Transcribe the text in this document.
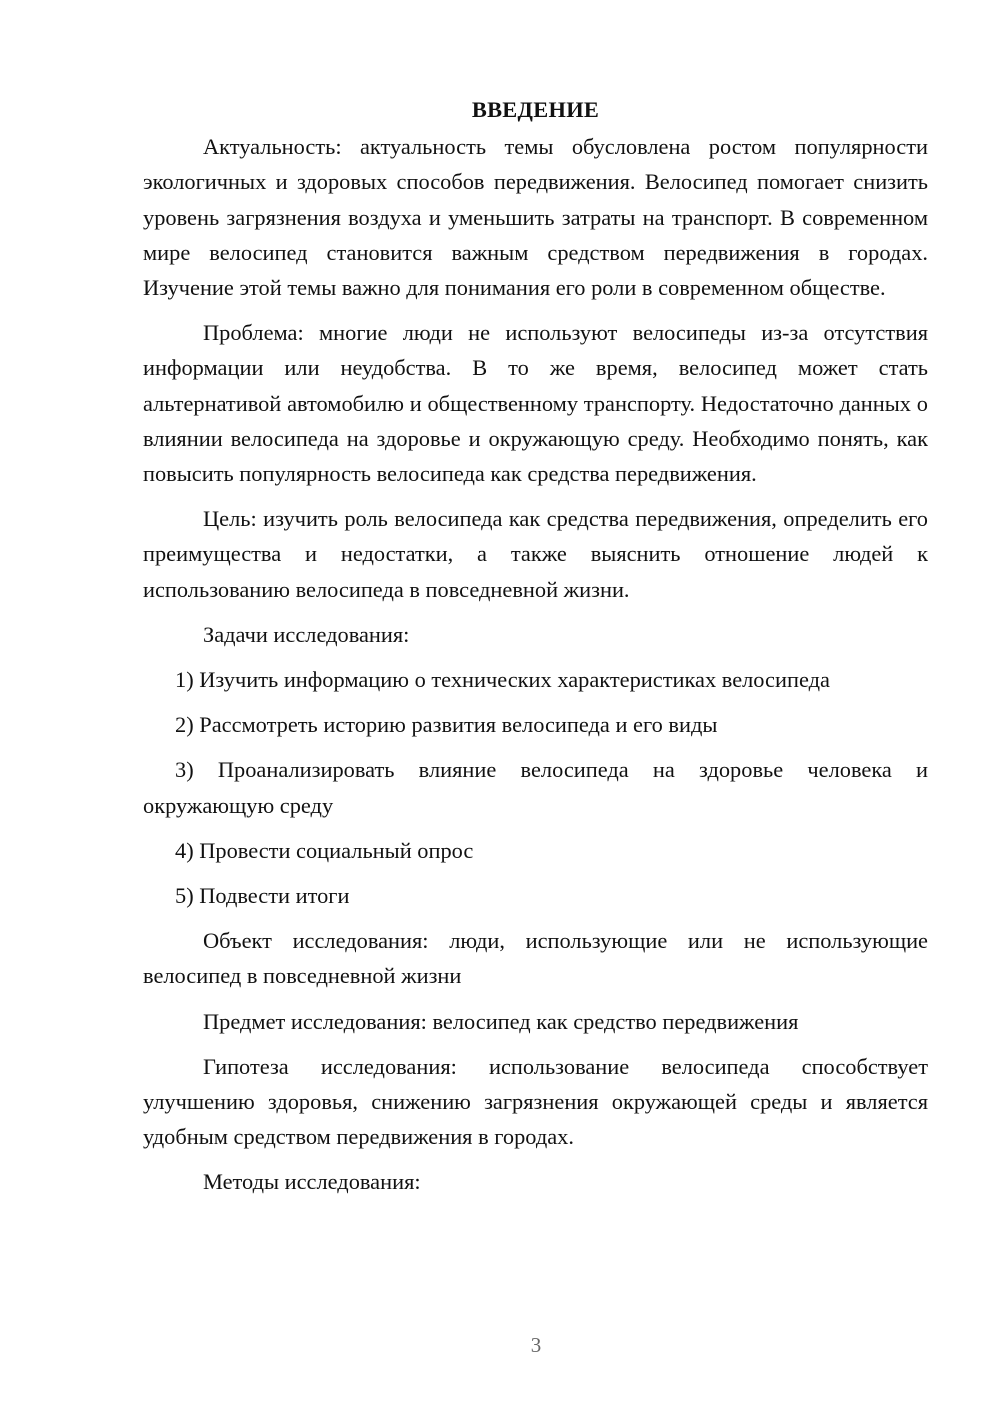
ВВЕДЕНИЕ

Актуальность: актуальность темы обусловлена ростом популярности экологичных и здоровых способов передвижения. Велосипед помогает снизить уровень загрязнения воздуха и уменьшить затраты на транспорт. В современном мире велосипед становится важным средством передвижения в городах. Изучение этой темы важно для понимания его роли в современном обществе.

Проблема: многие люди не используют велосипеды из-за отсутствия информации или неудобства. В то же время, велосипед может стать альтернативой автомобилю и общественному транспорту. Недостаточно данных о влиянии велосипеда на здоровье и окружающую среду. Необходимо понять, как повысить популярность велосипеда как средства передвижения.

Цель: изучить роль велосипеда как средства передвижения, определить его преимущества и недостатки, а также выяснить отношение людей к использованию велосипеда в повседневной жизни.

Задачи исследования:

1) Изучить информацию о технических характеристиках велосипеда

2) Рассмотреть историю развития велосипеда и его виды

3) Проанализировать влияние велосипеда на здоровье человека и окружающую среду

4) Провести социальный опрос

5) Подвести итоги

Объект исследования: люди, использующие или не использующие велосипед в повседневной жизни

Предмет исследования: велосипед как средство передвижения

Гипотеза исследования: использование велосипеда способствует улучшению здоровья, снижению загрязнения окружающей среды и является удобным средством передвижения в городах.

Методы исследования:

3
